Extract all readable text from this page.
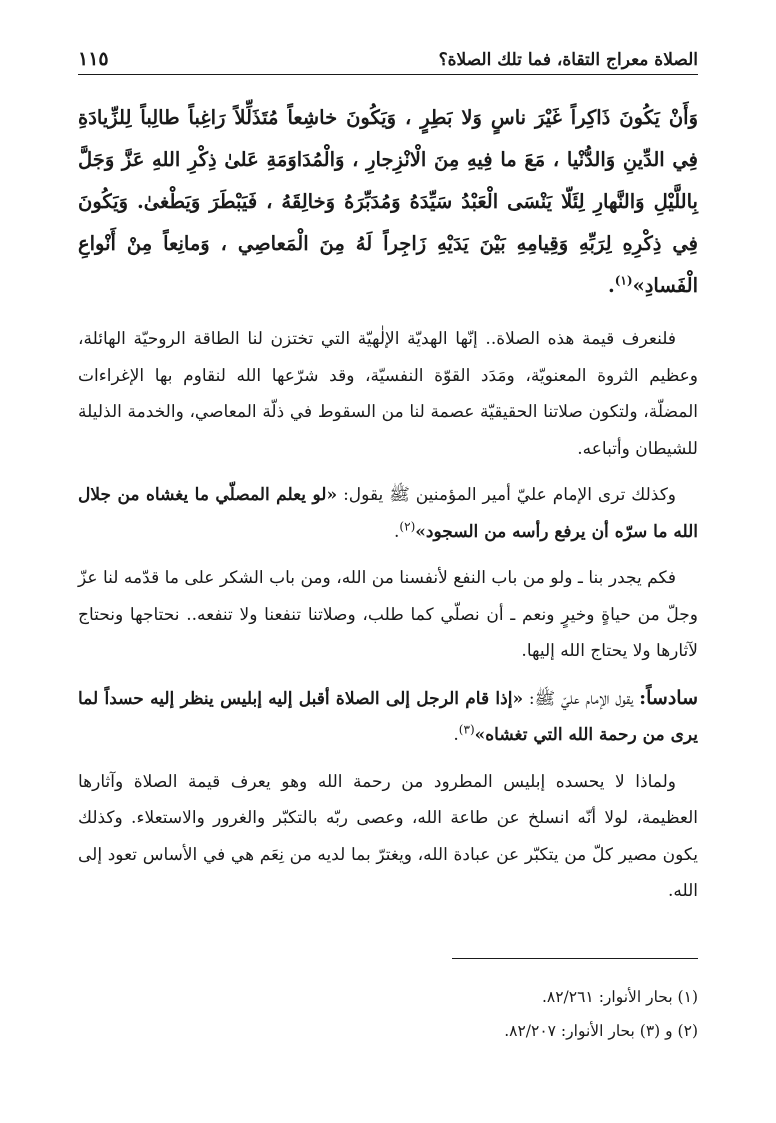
الصلاة معراج التقاة، فما تلك الصلاة؟
١١٥

وَأَنْ يَكُونَ ذَاكِراً غَيْرَ ناسٍ وَلا بَطِرٍ ، وَيَكُونَ خاشِعاً مُتَذَلِّلاً رَاغِباً طالِباً لِلزِّيادَةِ فِي الدِّينِ وَالدُّنْيا ، مَعَ ما فِيهِ مِنَ الْانْزِجارِ ، وَالْمُدَاوَمَةِ عَلىٰ ذِكْرِ اللهِ عَزَّ وَجَلَّ بِاللَّيْلِ وَالنَّهارِ لِئَلّا يَنْسَى الْعَبْدُ سَيِّدَهُ وَمُدَبِّرَهُ وَخالِقَهُ ، فَيَبْطَرَ وَيَطْغىٰ. وَيَكُونَ فِي ذِكْرِهِ لِرَبِّهِ وَقِيامِهِ بَيْنَ يَدَيْهِ زَاجِراً لَهُ مِنَ الْمَعاصِي ، وَمانِعاً مِنْ أَنْواعِ الْفَسادِ»$^{(١)}$.

فلنعرف قيمة هذه الصلاة.. إنّها الهديّة الإلٰهيّة التي تختزن لنا الطاقة الروحيّة الهائلة، وعظيم الثروة المعنويّة، ومَدَد القوّة النفسيّة، وقد شرّعها الله لنقاوم بها الإغراءات المضلّة، ولتكون صلاتنا الحقيقيّة عصمة لنا من السقوط في ذلّة المعاصي، والخدمة الذليلة للشيطان وأتباعه.

وكذلك ترى الإمام عليّ أمير المؤمنين ﷺ يقول: «لو يعلم المصلّي ما يغشاه من جلال الله ما سرّه أن يرفع رأسه من السجود»$^{(٢)}$.

فكم يجدر بنا ـ ولو من باب النفع لأنفسنا من الله، ومن باب الشكر على ما قدّمه لنا عزّ وجلّ من حياةٍ وخيرٍ ونعم ـ أن نصلّي كما طلب، وصلاتنا تنفعنا ولا تنفعه.. نحتاجها ونحتاج لآثارها ولا يحتاج الله إليها.

سادساً: يقول الإمام عليّ ﷺ: «إذا قام الرجل إلى الصلاة أقبل إليه إبليس ينظر إليه حسداً لما يرى من رحمة الله التي تغشاه»$^{(٣)}$.

ولماذا لا يحسده إبليس المطرود من رحمة الله وهو يعرف قيمة الصلاة وآثارها العظيمة، لولا أنّه انسلخ عن طاعة الله، وعصى ربّه بالتكبّر والغرور والاستعلاء. وكذلك يكون مصير كلّ من يتكبّر عن عبادة الله، ويغترّ بما لديه من نِعَم هي في الأساس تعود إلى الله.

(١) بحار الأنوار: ٨٢/٢٦١.

(٢) و (٣) بحار الأنوار: ٨٢/٢٠٧.
